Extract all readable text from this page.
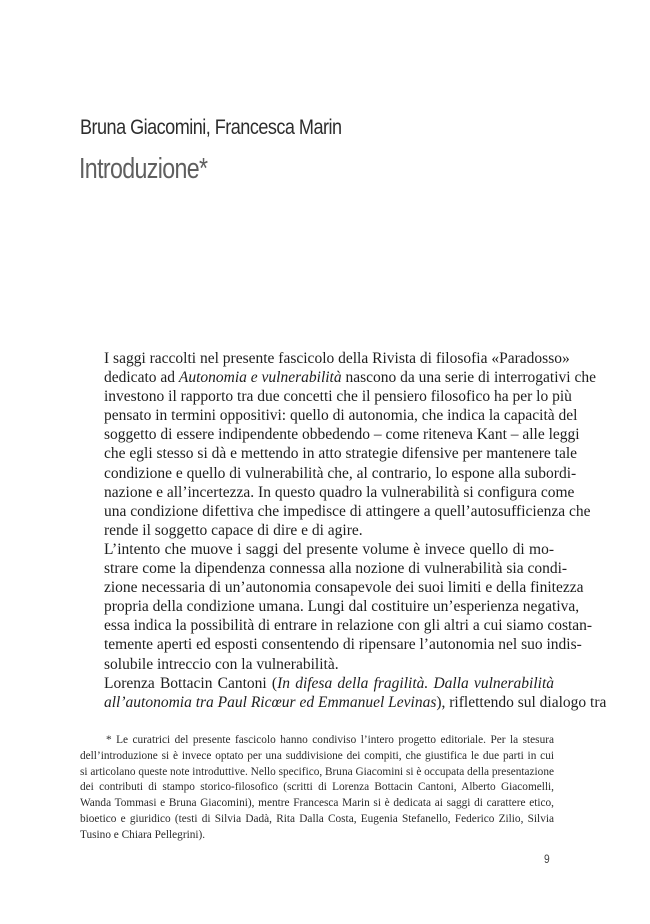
Bruna Giacomini, Francesca Marin
Introduzione*

I saggi raccolti nel presente fascicolo della Rivista di filosofia «Paradosso»
dedicato ad Autonomia e vulnerabilità nascono da una serie di interrogativi che
investono il rapporto tra due concetti che il pensiero filosofico ha per lo più
pensato in termini oppositivi: quello di autonomia, che indica la capacità del
soggetto di essere indipendente obbedendo – come riteneva Kant – alle leggi
che egli stesso si dà e mettendo in atto strategie difensive per mantenere tale
condizione e quello di vulnerabilità che, al contrario, lo espone alla subordi-
nazione e all’incertezza. In questo quadro la vulnerabilità si configura come
una condizione difettiva che impedisce di attingere a quell’autosufficienza che
rende il soggetto capace di dire e di agire.

L’intento che muove i saggi del presente volume è invece quello di mo-
strare come la dipendenza connessa alla nozione di vulnerabilità sia condi-
zione necessaria di un’autonomia consapevole dei suoi limiti e della finitezza
propria della condizione umana. Lungi dal costituire un’esperienza negativa,
essa indica la possibilità di entrare in relazione con gli altri a cui siamo costan-
temente aperti ed esposti consentendo di ripensare l’autonomia nel suo indis-
solubile intreccio con la vulnerabilità.

Lorenza Bottacin Cantoni (In difesa della fragilità. Dalla vulnerabilità
all’autonomia tra Paul Ricœur ed Emmanuel Levinas), riflettendo sul dialogo tra

* Le curatrici del presente fascicolo hanno condiviso l’intero progetto editoriale. Per la stesura
dell’introduzione si è invece optato per una suddivisione dei compiti, che giustifica le due parti in cui
si articolano queste note introduttive. Nello specifico, Bruna Giacomini si è occupata della presentazione
dei contributi di stampo storico-filosofico (scritti di Lorenza Bottacin Cantoni, Alberto Giacomelli,
Wanda Tommasi e Bruna Giacomini), mentre Francesca Marin si è dedicata ai saggi di carattere etico,
bioetico e giuridico (testi di Silvia Dadà, Rita Dalla Costa, Eugenia Stefanello, Federico Zilio, Silvia
Tusino e Chiara Pellegrini).
9
